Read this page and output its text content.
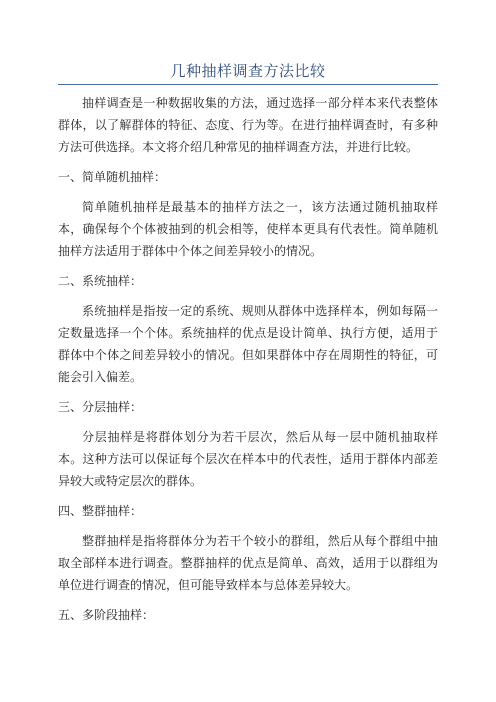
几种抽样调查方法比较

抽样调查是一种数据收集的方法，通过选择一部分样本来代表整体群体，以了解群体的特征、态度、行为等。在进行抽样调查时，有多种方法可供选择。本文将介绍几种常见的抽样调查方法，并进行比较。

一、简单随机抽样：

简单随机抽样是最基本的抽样方法之一，该方法通过随机抽取样本，确保每个个体被抽到的机会相等，使样本更具有代表性。简单随机抽样方法适用于群体中个体之间差异较小的情况。

二、系统抽样：

系统抽样是指按一定的系统、规则从群体中选择样本，例如每隔一定数量选择一个个体。系统抽样的优点是设计简单、执行方便，适用于群体中个体之间差异较小的情况。但如果群体中存在周期性的特征，可能会引入偏差。

三、分层抽样：

分层抽样是将群体划分为若干层次，然后从每一层中随机抽取样本。这种方法可以保证每个层次在样本中的代表性，适用于群体内部差异较大或特定层次的群体。

四、整群抽样：

整群抽样是指将群体分为若干个较小的群组，然后从每个群组中抽取全部样本进行调查。整群抽样的优点是简单、高效，适用于以群组为单位进行调查的情况，但可能导致样本与总体差异较大。

五、多阶段抽样：
